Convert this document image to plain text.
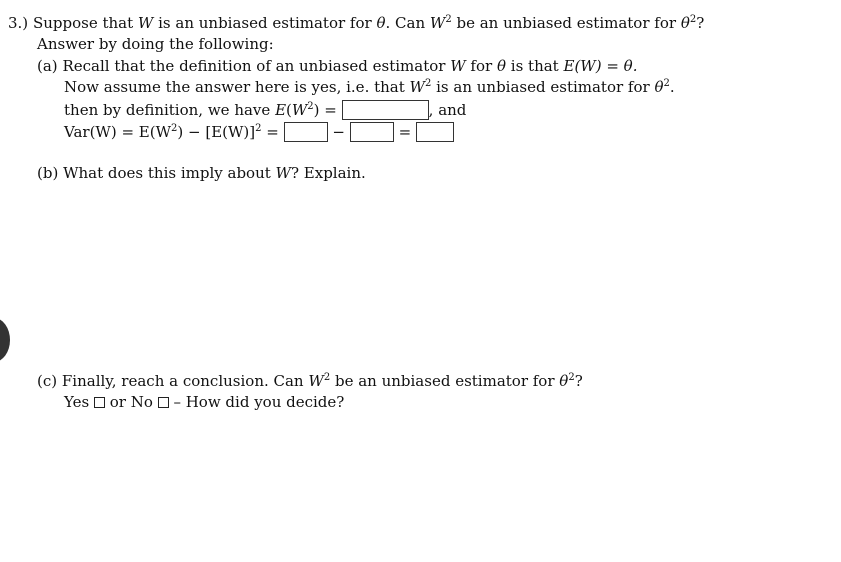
3.) Suppose that W is an unbiased estimator for θ. Can $W^2$ be an unbiased estimator for $\theta^2$?
Answer by doing the following:
(a) Recall that the definition of an unbiased estimator W for θ is that E(W) = θ.
Now assume the answer here is yes, i.e. that $W^2$ is an unbiased estimator for $\theta^2$.
then by definition, we have $E(W^2)$ =	, and
$Var(W) = E(W^2) - [E(W)]^2$ =	−	=
(b) What does this imply about W? Explain.
(c) Finally, reach a conclusion. Can $W^2$ be an unbiased estimator for $\theta^2$?
Yes or No – How did you decide?
